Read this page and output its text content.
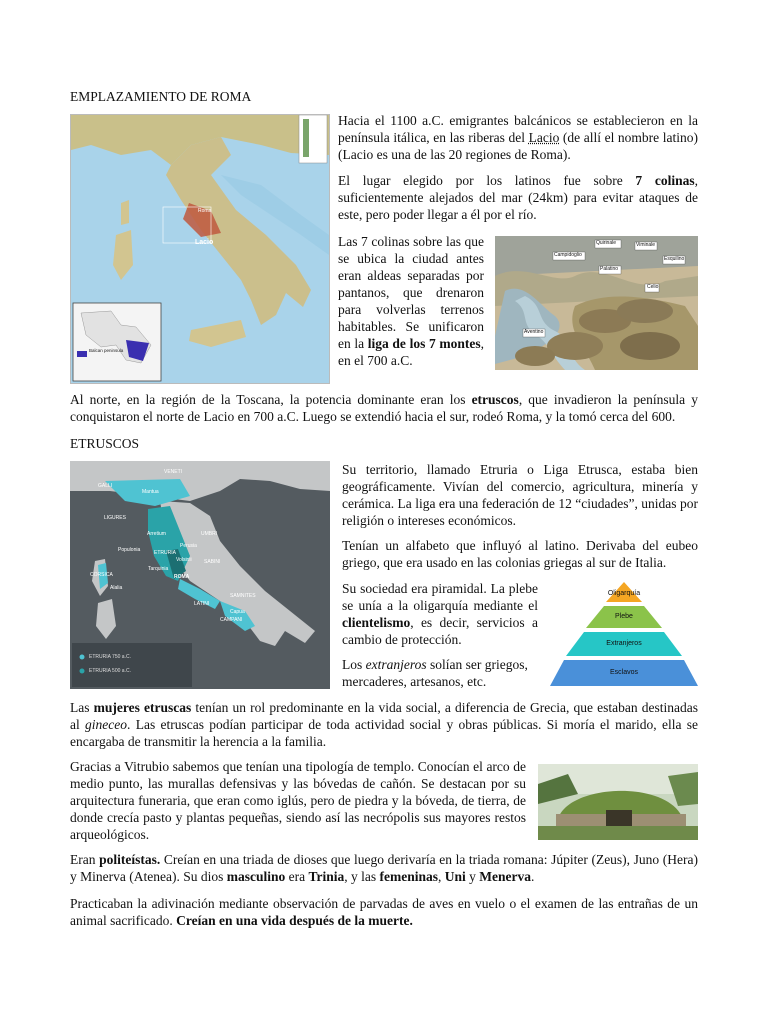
EMPLAZAMIENTO DE ROMA
Lacio
Roma
Balcan peninsula

Hacia el 1100 a.C. emigrantes balcánicos se establecieron en la península itálica, en las riberas del Lacio (de allí el nombre latino) (Lacio es una de las 20 regiones de Roma).

El lugar elegido por los latinos fue sobre 7 colinas, suficientemente alejados del mar (24km) para evitar ataques de este, pero poder llegar a él por el río.

Las 7 colinas sobre las que se ubica la ciudad antes eran aldeas separadas por pantanos, que drenaron para volverlas terrenos habitables. Se unificaron en la liga de los 7 montes, en el 700 a.C.

Quirinale	Viminale
Campidoglio
Esquilino
Palatino
Celio
Aventino

Al norte, en la región de la Toscana, la potencia dominante eran los etruscos, que invadieron la península y conquistaron el norte de Lacio en 700 a.C. Luego se extendió hacia el sur, rodeó Roma, y la tomó cerca del 600.

ETRUSCOS
GALLI
VENETI
Mantua
LIGURES
Arretium
Populonia	ETRURIA
Perusia
Volsinii
Tarquinia
ROMA
UMBRI
SABINI
CORSICA
Alalia
LATINI
SAMNITES
Capua
CAMPANI
ETRURIA 750 a.C.
ETRURIA 500 a.C.

Su territorio, llamado Etruria o Liga Etrusca, estaba bien geográficamente. Vivían del comercio, agricultura, minería y cerámica. La liga era una federación de 12 “ciudades”, unidas por religión o intereses económicos.

Tenían un alfabeto que influyó al latino. Derivaba del eubeo griego, que era usado en las colonias griegas al sur de Italia.

Su sociedad era piramidal. La plebe se unía a la oligarquía mediante el clientelismo, es decir, servicios a cambio de protección.

Los extranjeros solían ser griegos, mercaderes, artesanos, etc.

Oligarquía
Plebe
Extranjeros
Esclavos

Las mujeres etruscas tenían un rol predominante en la vida social, a diferencia de Grecia, que estaban destinadas al gineceo. Las etruscas podían participar de toda actividad social y obras públicas. Si moría el marido, ella se encargaba de transmitir la herencia a la familia.

Gracias a Vitrubio sabemos que tenían una tipología de templo. Conocían el arco de medio punto, las murallas defensivas y las bóvedas de cañón. Se destacan por su arquitectura funeraria, que eran como iglús, pero de piedra y la bóveda, de tierra, de donde crecía pasto y plantas pequeñas, siendo así las necrópolis sus mayores restos arqueológicos.

Eran politeístas. Creían en una triada de dioses que luego derivaría en la triada romana: Júpiter (Zeus), Juno (Hera) y Minerva (Atenea). Su dios masculino era Trinia, y las femeninas, Uni y Menerva.

Practicaban la adivinación mediante observación de parvadas de aves en vuelo o el examen de las entrañas de un animal sacrificado. Creían en una vida después de la muerte.
